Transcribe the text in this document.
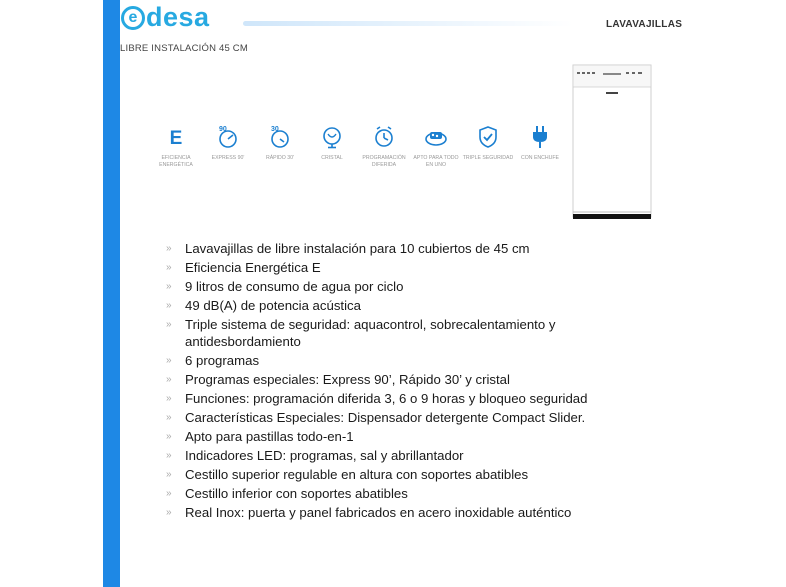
e desa	LAVAVAJILLAS
LIBRE INSTALACIÓN 45 CM
E
EFICIENCIA ENERGÉTICA
90
EXPRESS 90'
30
RÁPIDO 30'	CRISTAL	PROGRAMACIÓN DIFERIDA
APTO PARA TODO EN UNO
TRIPLE SEGURIDAD CON ENCHUFE
»	Lavavajillas de libre instalación para 10 cubiertos de 45 cm
»	Eficiencia Energética E
»	9 litros de consumo de agua por ciclo
»	49 dB(A) de potencia acústica
»	Triple sistema de seguridad: aquacontrol, sobrecalentamiento y antidesbordamiento
»	6 programas
»	Programas especiales: Express 90’, Rápido 30’ y cristal
»	Funciones: programación diferida 3, 6 o 9 horas y bloqueo seguridad
»	Características Especiales: Dispensador detergente Compact Slider.
»	Apto para pastillas todo-en-1
»	Indicadores LED: programas, sal y abrillantador
»	Cestillo superior regulable en altura con soportes abatibles
»	Cestillo inferior con soportes abatibles
»	Real Inox: puerta y panel fabricados en acero inoxidable auténtico
